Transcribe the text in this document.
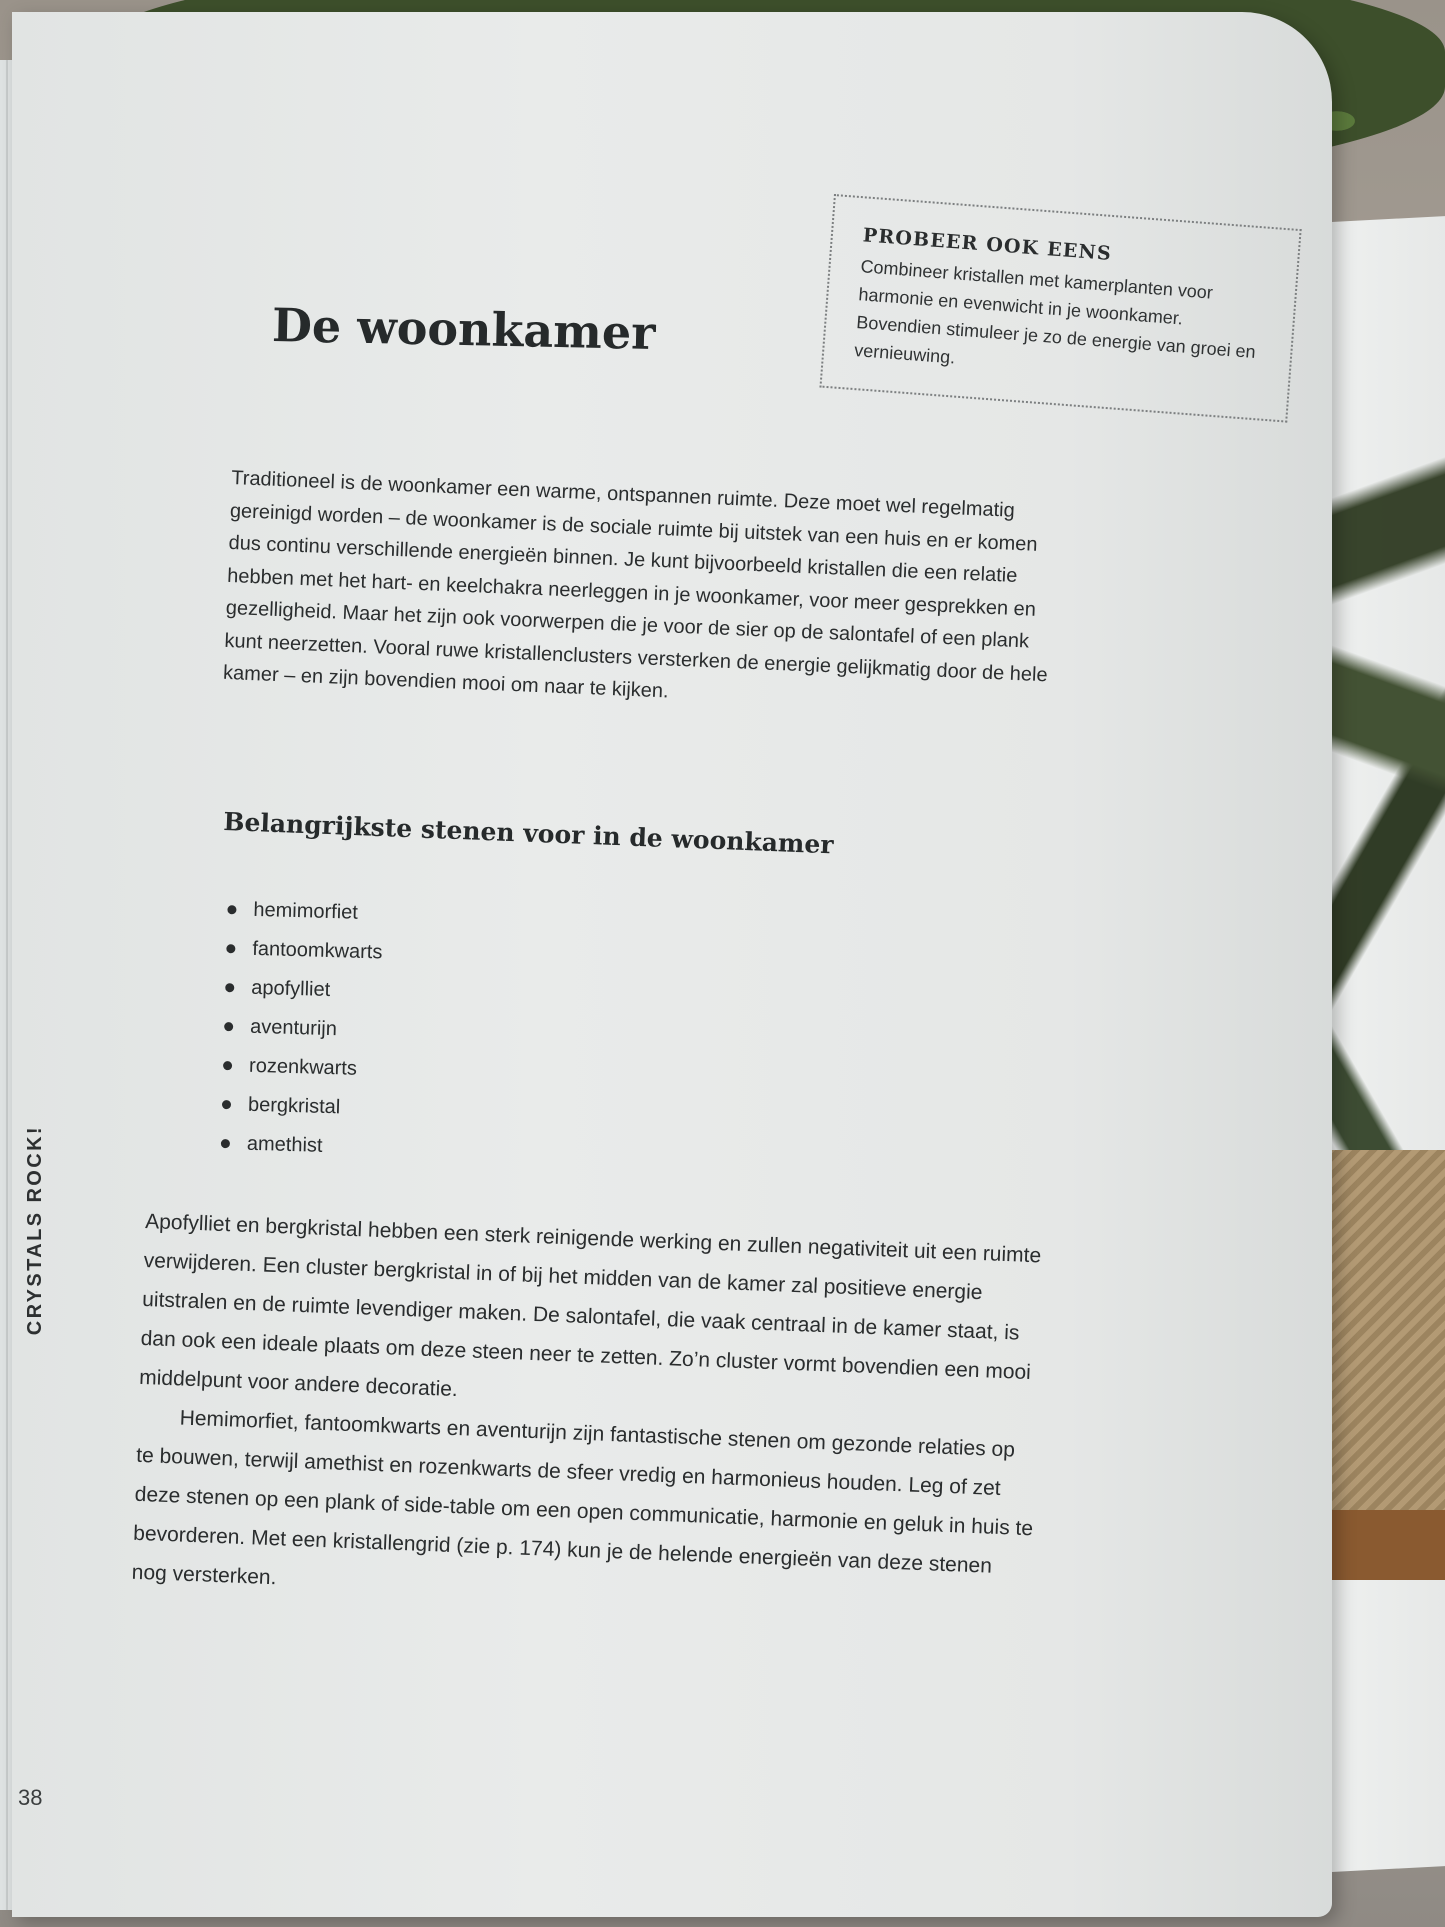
De woonkamer
PROBEER OOK EENS

Combineer kristallen met kamerplanten voor harmonie en evenwicht in je woonkamer. Bovendien stimuleer je zo de energie van groei en vernieuwing.

Traditioneel is de woonkamer een warme, ontspannen ruimte. Deze moet wel regelmatig gereinigd worden – de woonkamer is de sociale ruimte bij uitstek van een huis en er komen dus continu verschillende energieën binnen. Je kunt bijvoorbeeld kristallen die een relatie hebben met het hart- en keelchakra neerleggen in je woonkamer, voor meer gesprekken en gezelligheid. Maar het zijn ook voorwerpen die je voor de sier op de salontafel of een plank kunt neerzetten. Vooral ruwe kristallenclusters versterken de energie gelijkmatig door de hele kamer – en zijn bovendien mooi om naar te kijken.

Belangrijkste stenen voor in de woonkamer
hemimorfiet
fantoomkwarts
apofylliet
aventurijn
rozenkwarts
bergkristal
amethist

Apofylliet en bergkristal hebben een sterk reinigende werking en zullen negativiteit uit een ruimte verwijderen. Een cluster bergkristal in of bij het midden van de kamer zal positieve energie uitstralen en de ruimte levendiger maken. De salontafel, die vaak centraal in de kamer staat, is dan ook een ideale plaats om deze steen neer te zetten. Zo’n cluster vormt bovendien een mooi middelpunt voor andere decoratie.

Hemimorfiet, fantoomkwarts en aventurijn zijn fantastische stenen om gezonde relaties op te bouwen, terwijl amethist en rozenkwarts de sfeer vredig en harmonieus houden. Leg of zet deze stenen op een plank of side-table om een open communicatie, harmonie en geluk in huis te bevorderen. Met een kristallengrid (zie p. 174) kun je de helende energieën van deze stenen nog versterken.

CRYSTALS ROCK!

38
